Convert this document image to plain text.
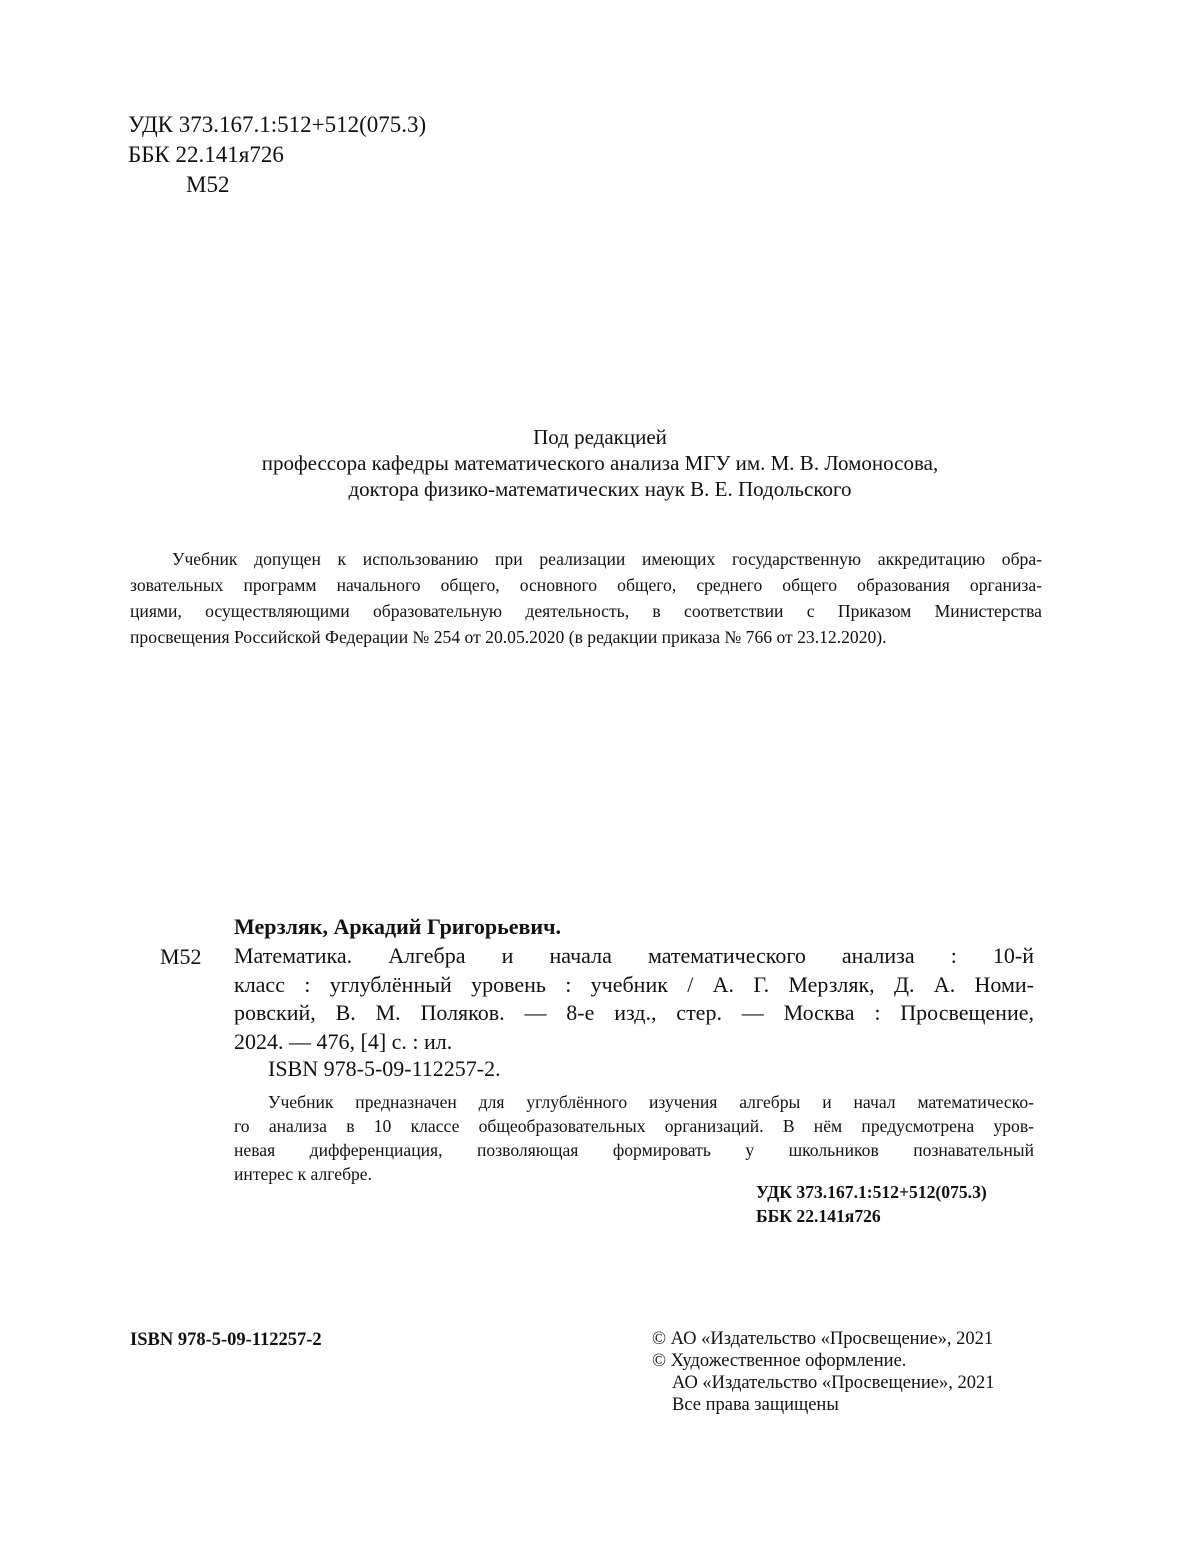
УДК 373.167.1:512+512(075.3)
ББК 22.141я726
М52
Под редакцией
профессора кафедры математического анализа МГУ им. М. В. Ломоносова,
доктора физико-математических наук В. Е. Подольского
Учебник допущен к использованию при реализации имеющих государственную аккредитацию обра-
зовательных программ начального общего, основного общего, среднего общего образования организа-
циями, осуществляющими образовательную деятельность, в соответствии с Приказом Министерства
просвещения Российской Федерации № 254 от 20.05.2020 (в редакции приказа № 766 от 23.12.2020).
Мерзляк, Аркадий Григорьевич.
М52 Математика. Алгебра и начала математического анализа : 10-й
класс : углублённый уровень : учебник / А. Г. Мерзляк, Д. А. Номи-
ровский, В. М. Поляков. — 8-е изд., стер. — Москва : Просвещение,
2024. — 476, [4] с. : ил.
ISBN 978-5-09-112257-2.
Учебник предназначен для углублённого изучения алгебры и начал математическо-
го анализа в 10 классе общеобразовательных организаций. В нём предусмотрена уров-
невая дифференциация, позволяющая формировать у школьников познавательный
интерес к алгебре.
УДК 373.167.1:512+512(075.3)
ББК 22.141я726
ISBN 978-5-09-112257-2	© АО «Издательство «Просвещение», 2021
© Художественное оформление.
АО «Издательство «Просвещение», 2021
Все права защищены
